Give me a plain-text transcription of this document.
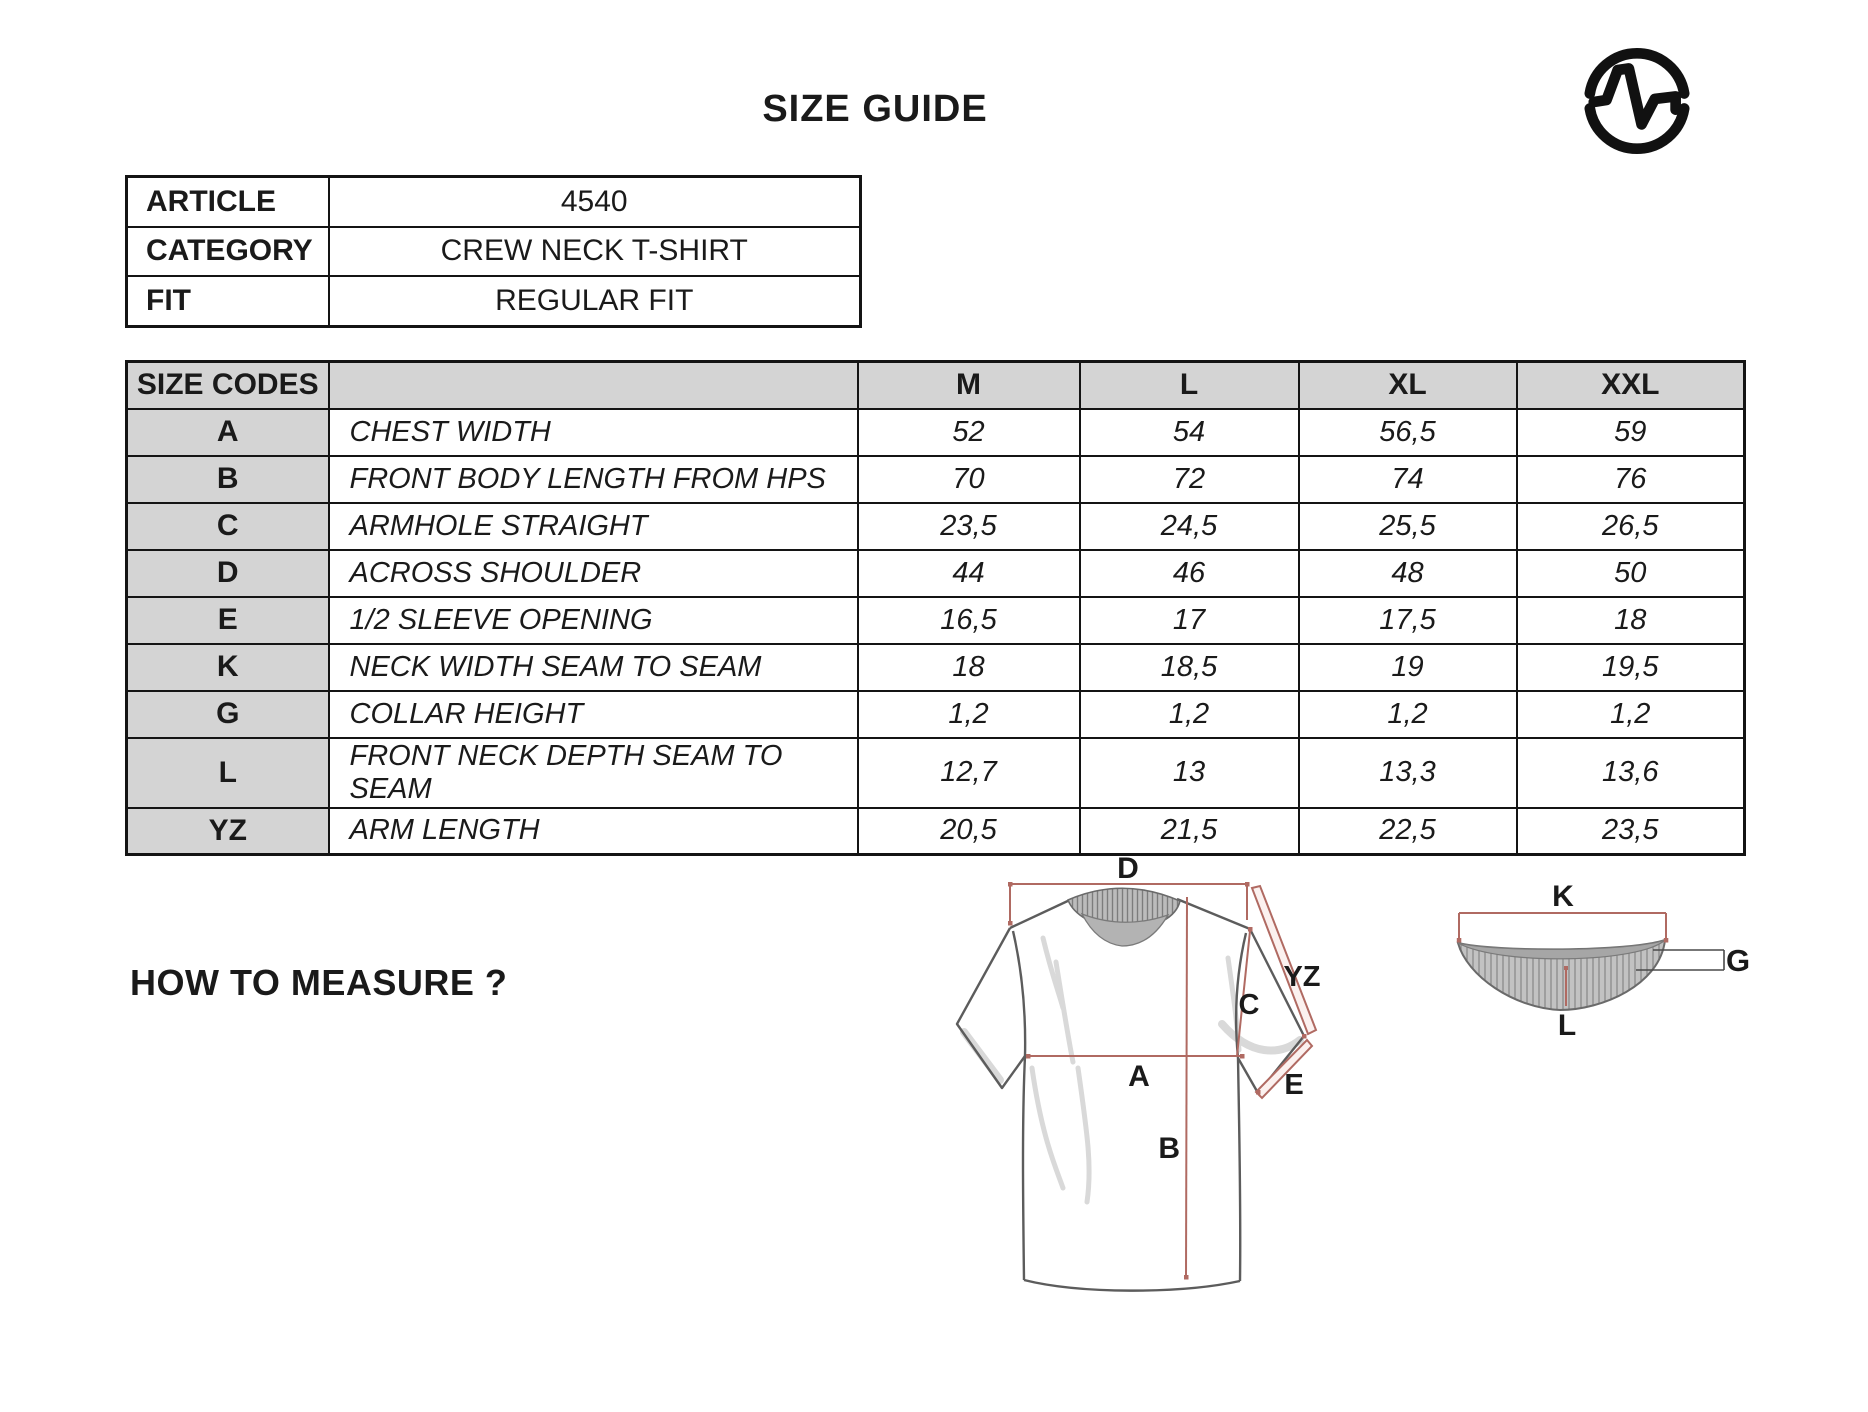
SIZE GUIDE
ARTICLE	4540
CATEGORY	CREW NECK T-SHIRT
FIT	REGULAR FIT
SIZE CODES		M	L	XL	XXL
A	CHEST WIDTH	52	54	56,5	59
B	FRONT BODY LENGTH FROM HPS	70	72	74	76
C	ARMHOLE STRAIGHT	23,5	24,5	25,5	26,5
D	ACROSS SHOULDER	44	46	48	50
E	1/2 SLEEVE OPENING	16,5	17	17,5	18
K	NECK WIDTH SEAM TO SEAM	18	18,5	19	19,5
G	COLLAR HEIGHT	1,2	1,2	1,2	1,2
L	FRONT NECK DEPTH SEAM TO SEAM	12,7	13	13,3	13,6
YZ	ARM LENGTH	20,5	21,5	22,5	23,5
HOW TO MEASURE ?
D
YZ
C
A	E
B
K
G
L
